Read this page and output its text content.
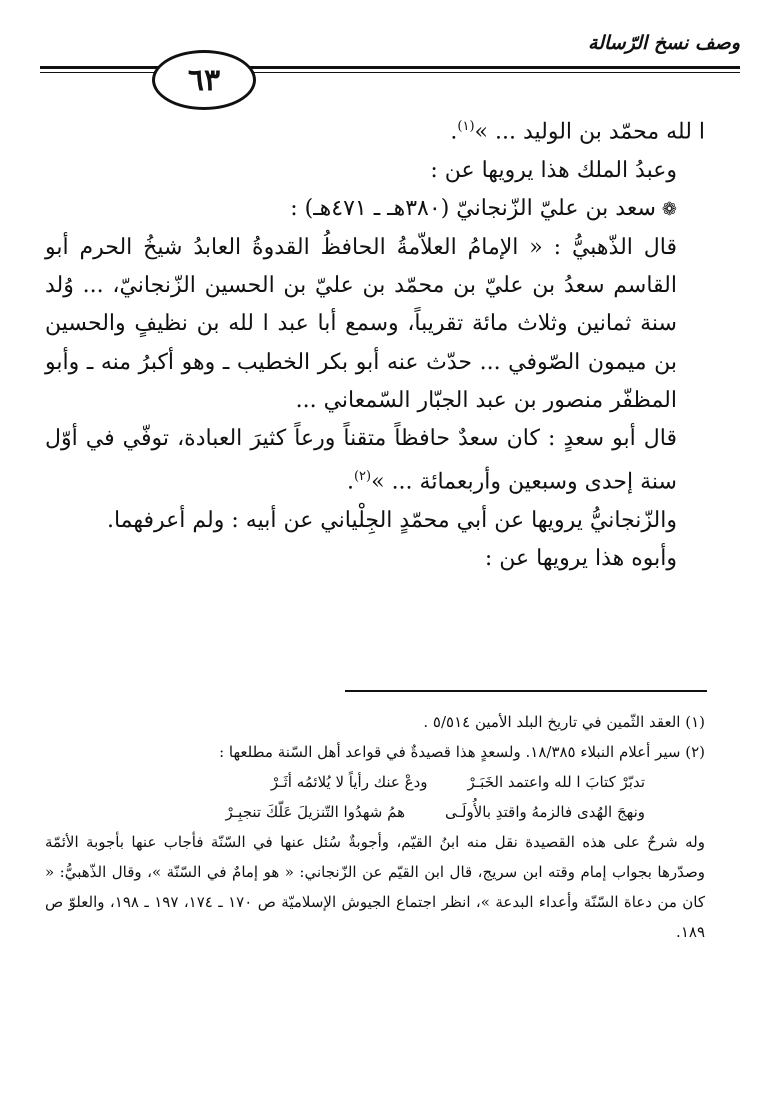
وصف نسخ الرّسالة
٦٣

ا لله محمّد بن الوليد ... »$^{(١)}$.

وعبدُ الملك هذا يرويها عن :

❁سعد بن عليّ الزّنجانيّ (٣٨٠هـ ـ ٤٧١هـ) :

قال الذّهبيُّ : « الإمامُ العلاّمةُ الحافظُ القدوةُ العابدُ شيخُ الحرم أبو القاسم سعدُ بن عليّ بن محمّد بن عليّ بن الحسين الزّنجانيّ، ... وُلد سنة ثمانين وثلاث مائة تقريباً، وسمع أبا عبد ا لله بن نظيفٍ والحسين بن ميمون الصّوفي ... حدّث عنه أبو بكر الخطيب ـ وهو أكبرُ منه ـ وأبو المظفّر منصور بن عبد الجبّار السّمعاني ...

قال أبو سعدٍ : كان سعدٌ حافظاً متقناً ورعاً كثيرَ العبادة، توفّي في أوّل سنة إحدى وسبعين وأربعمائة ... »$^{(٢)}$.

والزّنجانيُّ يرويها عن أبي محمّدٍ الجِلْياني عن أبيه : ولم أعرفهما.

وأبوه هذا يرويها عن :

(١) العقد الثّمين في تاريخ البلد الأمين ٥/٥١٤ .

(٢) سير أعلام النبلاء ١٨/٣٨٥. ولسعدٍ هذا قصيدةٌ في قواعد أهل السّنة مطلعها :

تدبّرْ كتابَ ا لله واعتمد الخَبَـرْ
ودعْ عنك رأياً لا يُلائمُه أثَـرْ
ونهجَ الهُدى فالزمهُ واقتدِ بالأُولَـى
همُ شهدُوا التّنزيلَ عَلّكَ تنجبِـرْ

وله شرحٌ على هذه القصيدة نقل منه ابنُ القيّم، وأجوبةٌ سُئل عنها في السّنّة فأجاب عنها بأجوبة الأئمّة وصدّرها بجواب إمام وقته ابن سريج، قال ابن القيّم عن الزّنجاني: « هو إمامٌ في السّنّة »، وقال الذّهبيُّ: « كان من دعاة السّنّة وأعداء البدعة »، انظر اجتماع الجيوش الإسلاميّة ص ١٧٠ ـ ١٧٤، ١٩٧ ـ ١٩٨، والعلوّ ص ١٨٩.
